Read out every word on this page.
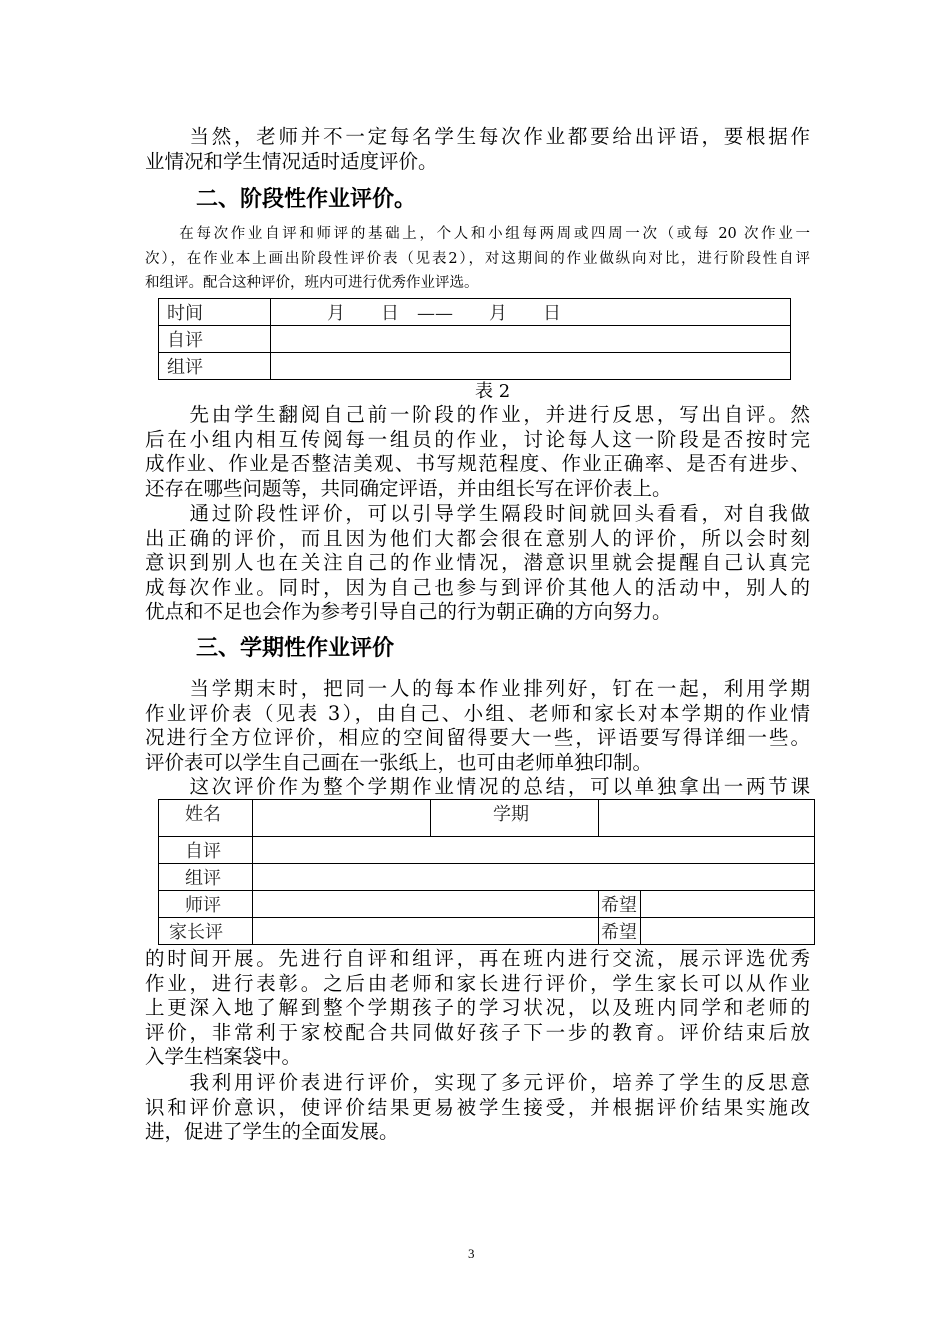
　　当然，老师并不一定每名学生每次作业都要给出评语，要根据作
业情况和学生情况适时适度评价。
二、阶段性作业评价。
　　在每次作业自评和师评的基础上，个人和小组每两周或四周一次（或每 20 次作业一
次），在作业本上画出阶段性评价表（见表2），对这期间的作业做纵向对比，进行阶段性自评
和组评。配合这种评价，班内可进行优秀作业评选。
时间	月　　日　——　　月　　日
自评	
组评	
表 2
　　先由学生翻阅自己前一阶段的作业，并进行反思，写出自评。然
后在小组内相互传阅每一组员的作业，讨论每人这一阶段是否按时完
成作业、作业是否整洁美观、书写规范程度、作业正确率、是否有进步、
还存在哪些问题等，共同确定评语，并由组长写在评价表上。
　　通过阶段性评价，可以引导学生隔段时间就回头看看，对自我做
出正确的评价，而且因为他们大都会很在意别人的评价，所以会时刻
意识到别人也在关注自己的作业情况，潜意识里就会提醒自己认真完
成每次作业。同时，因为自己也参与到评价其他人的活动中，别人的
优点和不足也会作为参考引导自己的行为朝正确的方向努力。
三、学期性作业评价
　　当学期末时，把同一人的每本作业排列好，钉在一起，利用学期
作业评价表（见表 3），由自己、小组、老师和家长对本学期的作业情
况进行全方位评价，相应的空间留得要大一些，评语要写得详细一些。
评价表可以学生自己画在一张纸上，也可由老师单独印制。
　　这次评价作为整个学期作业情况的总结，可以单独拿出一两节课
姓名		学期		
自评				
组评				
师评			希望	
家长评			希望	
的时间开展。先进行自评和组评，再在班内进行交流，展示评选优秀
作业，进行表彰。之后由老师和家长进行评价，学生家长可以从作业
上更深入地了解到整个学期孩子的学习状况，以及班内同学和老师的
评价，非常利于家校配合共同做好孩子下一步的教育。评价结束后放
入学生档案袋中。
　　我利用评价表进行评价，实现了多元评价，培养了学生的反思意
识和评价意识，使评价结果更易被学生接受，并根据评价结果实施改
进，促进了学生的全面发展。
3
